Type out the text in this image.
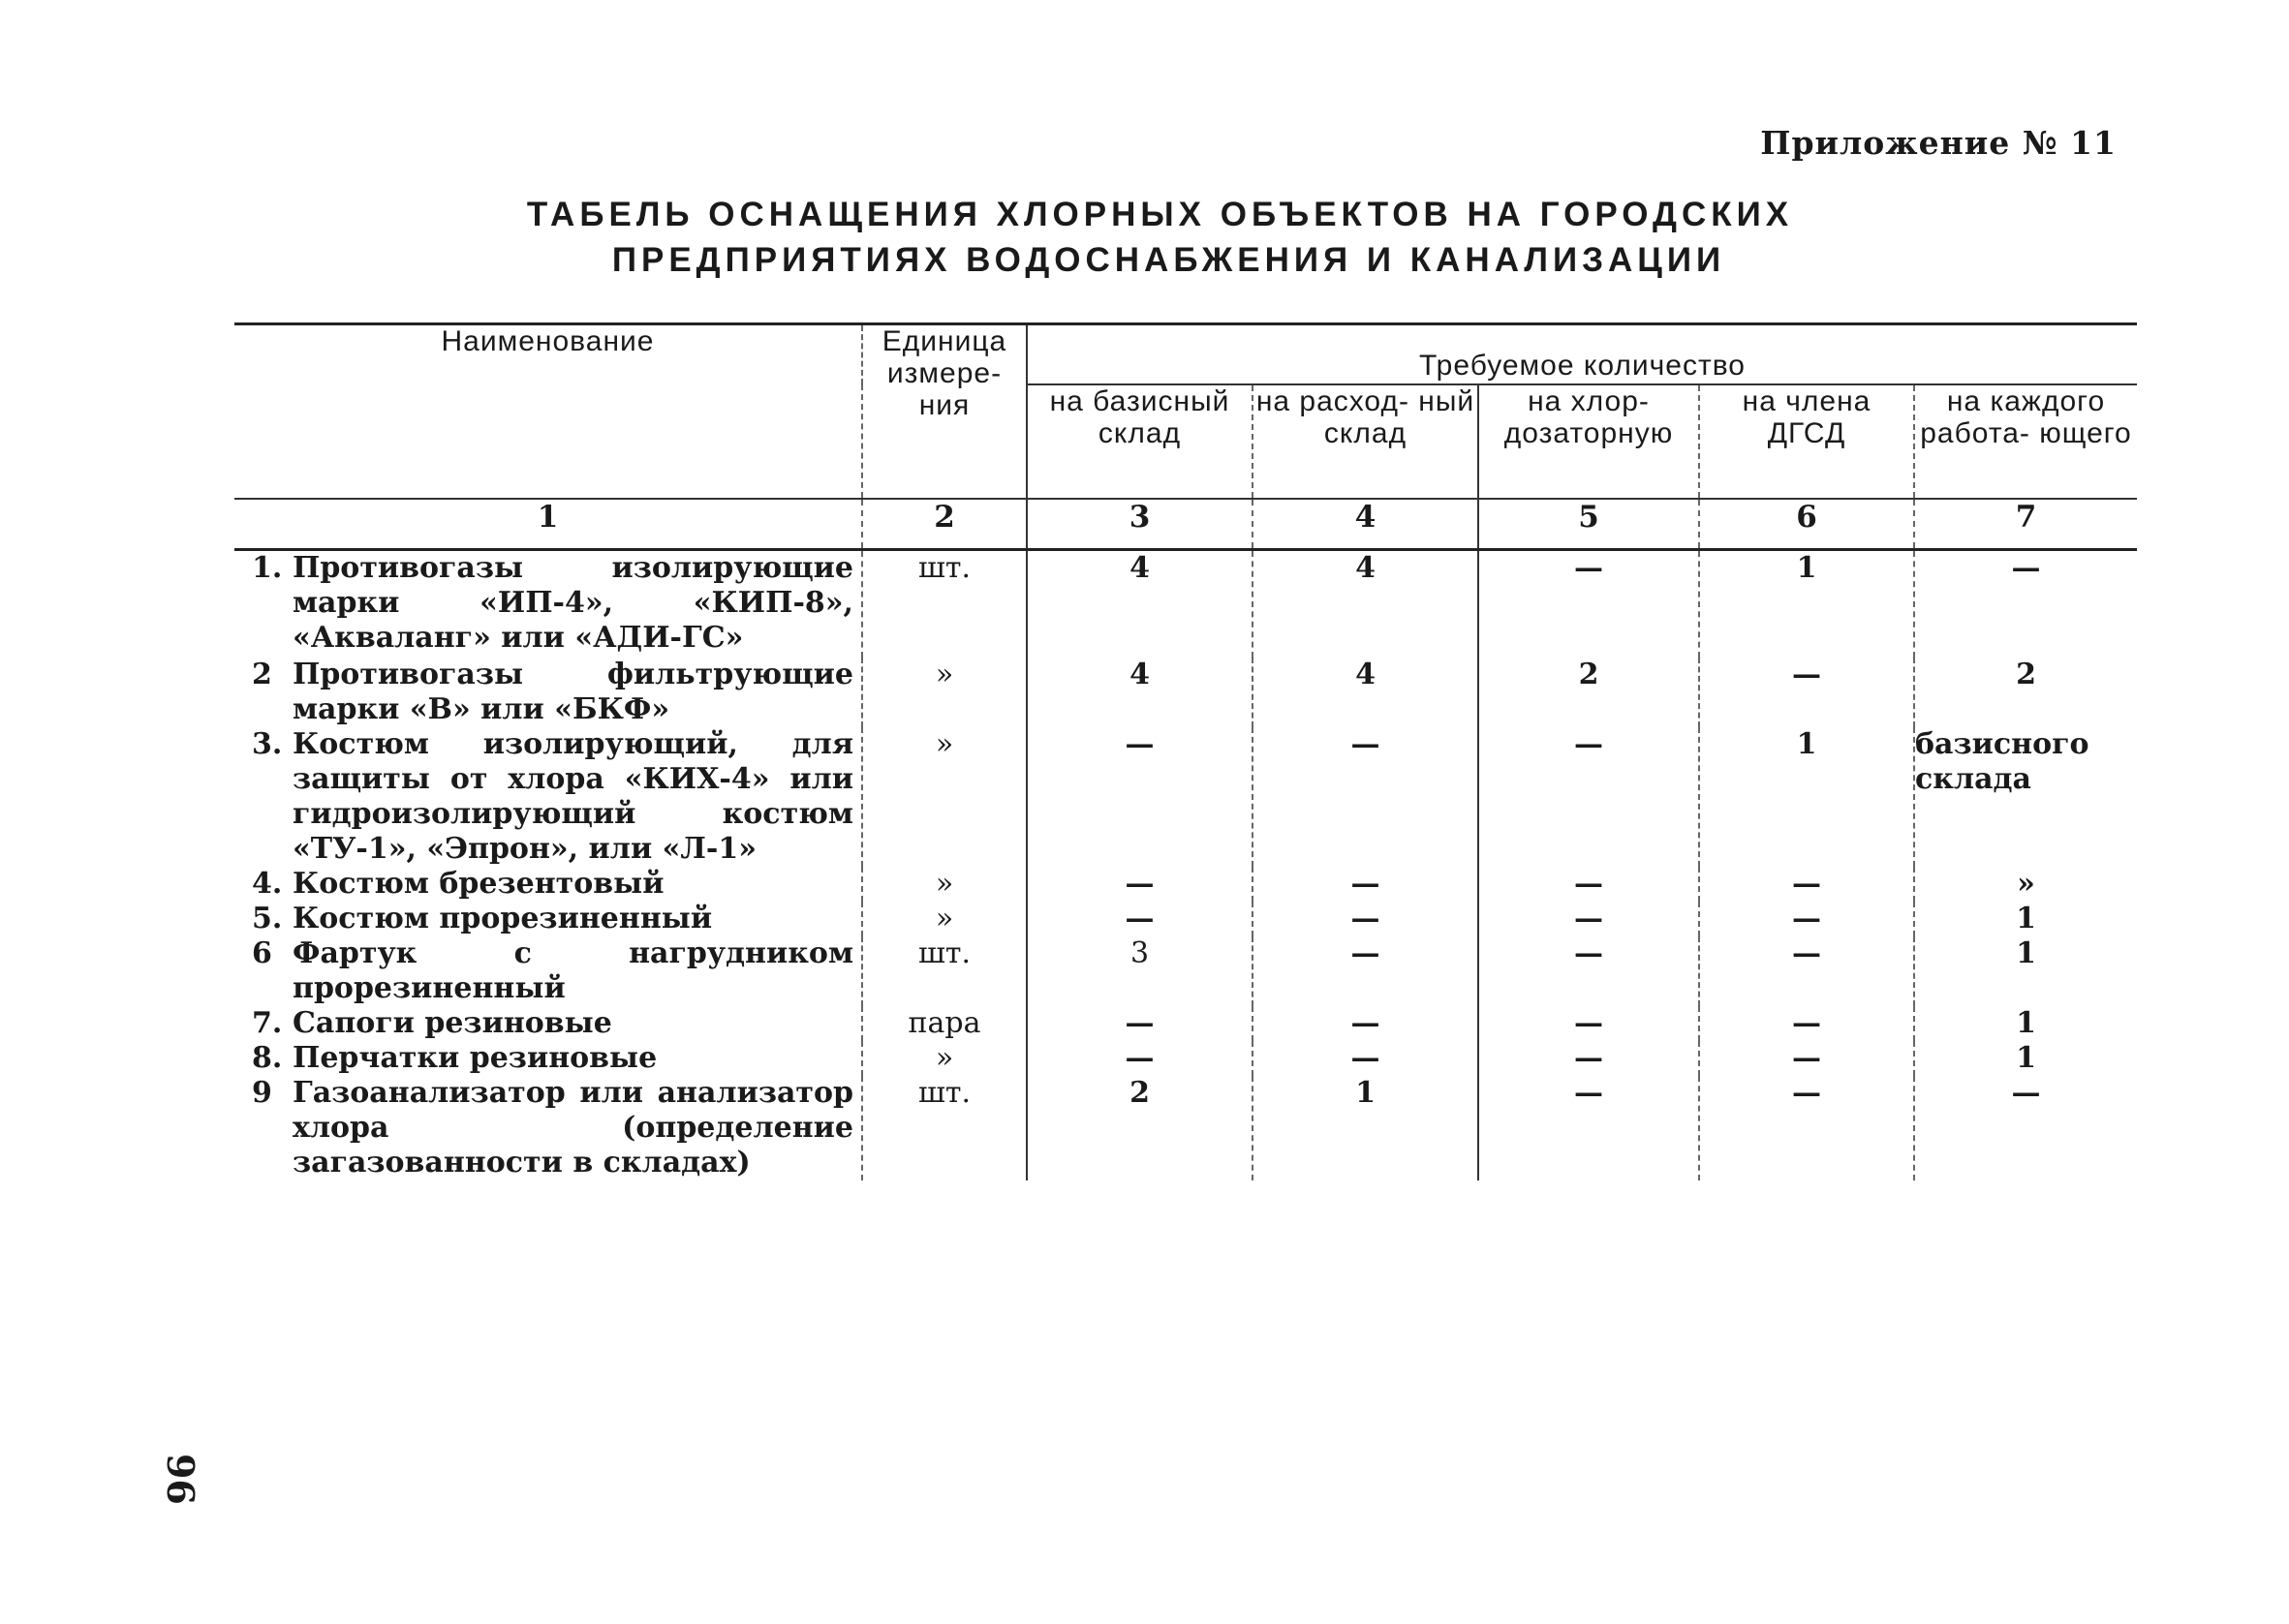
Приложение № 11
ТАБЕЛЬ ОСНАЩЕНИЯ ХЛОРНЫХ ОБЪЕКТОВ НА ГОРОДСКИХ
ПРЕДПРИЯТИЯХ ВОДОСНАБЖЕНИЯ И КАНАЛИЗАЦИИ
Наименование	Единица измере- ния	Требуемое количество				
		на базисный склад	на расход- ный склад	на хлор- дозаторную	на члена ДГСД	на каждого работа- ющего
1	2	3	4	5	6	7

1. Противогазы изолирующие марки «ИП-4», «КИП-8», «Акваланг» или «АДИ-ГС»	шт.	4	4	—	1	—

2 Противогазы фильтрующие марки «В» или «БКФ»	»	4	4	2	—	2

3. Костюм изолирующий, для защиты от хлора «КИХ-4» или гидроизолирующий костюм «ТУ-1», «Эпрон», или «Л-1»	»	—	—	—	1	базисного склада

4. Костюм брезентовый	»	—	—	—	—	»

5. Костюм прорезиненный	»	—	—	—	—	1

6 Фартук с нагрудником прорезиненный	шт.	3	—	—	—	1

7. Сапоги резиновые	пара	—	—	—	—	1

8. Перчатки резиновые	»	—	—	—	—	1

9 Газоанализатор или анализатор хлора (определение загазованности в складах)	шт.	2	1	—	—	—
96
